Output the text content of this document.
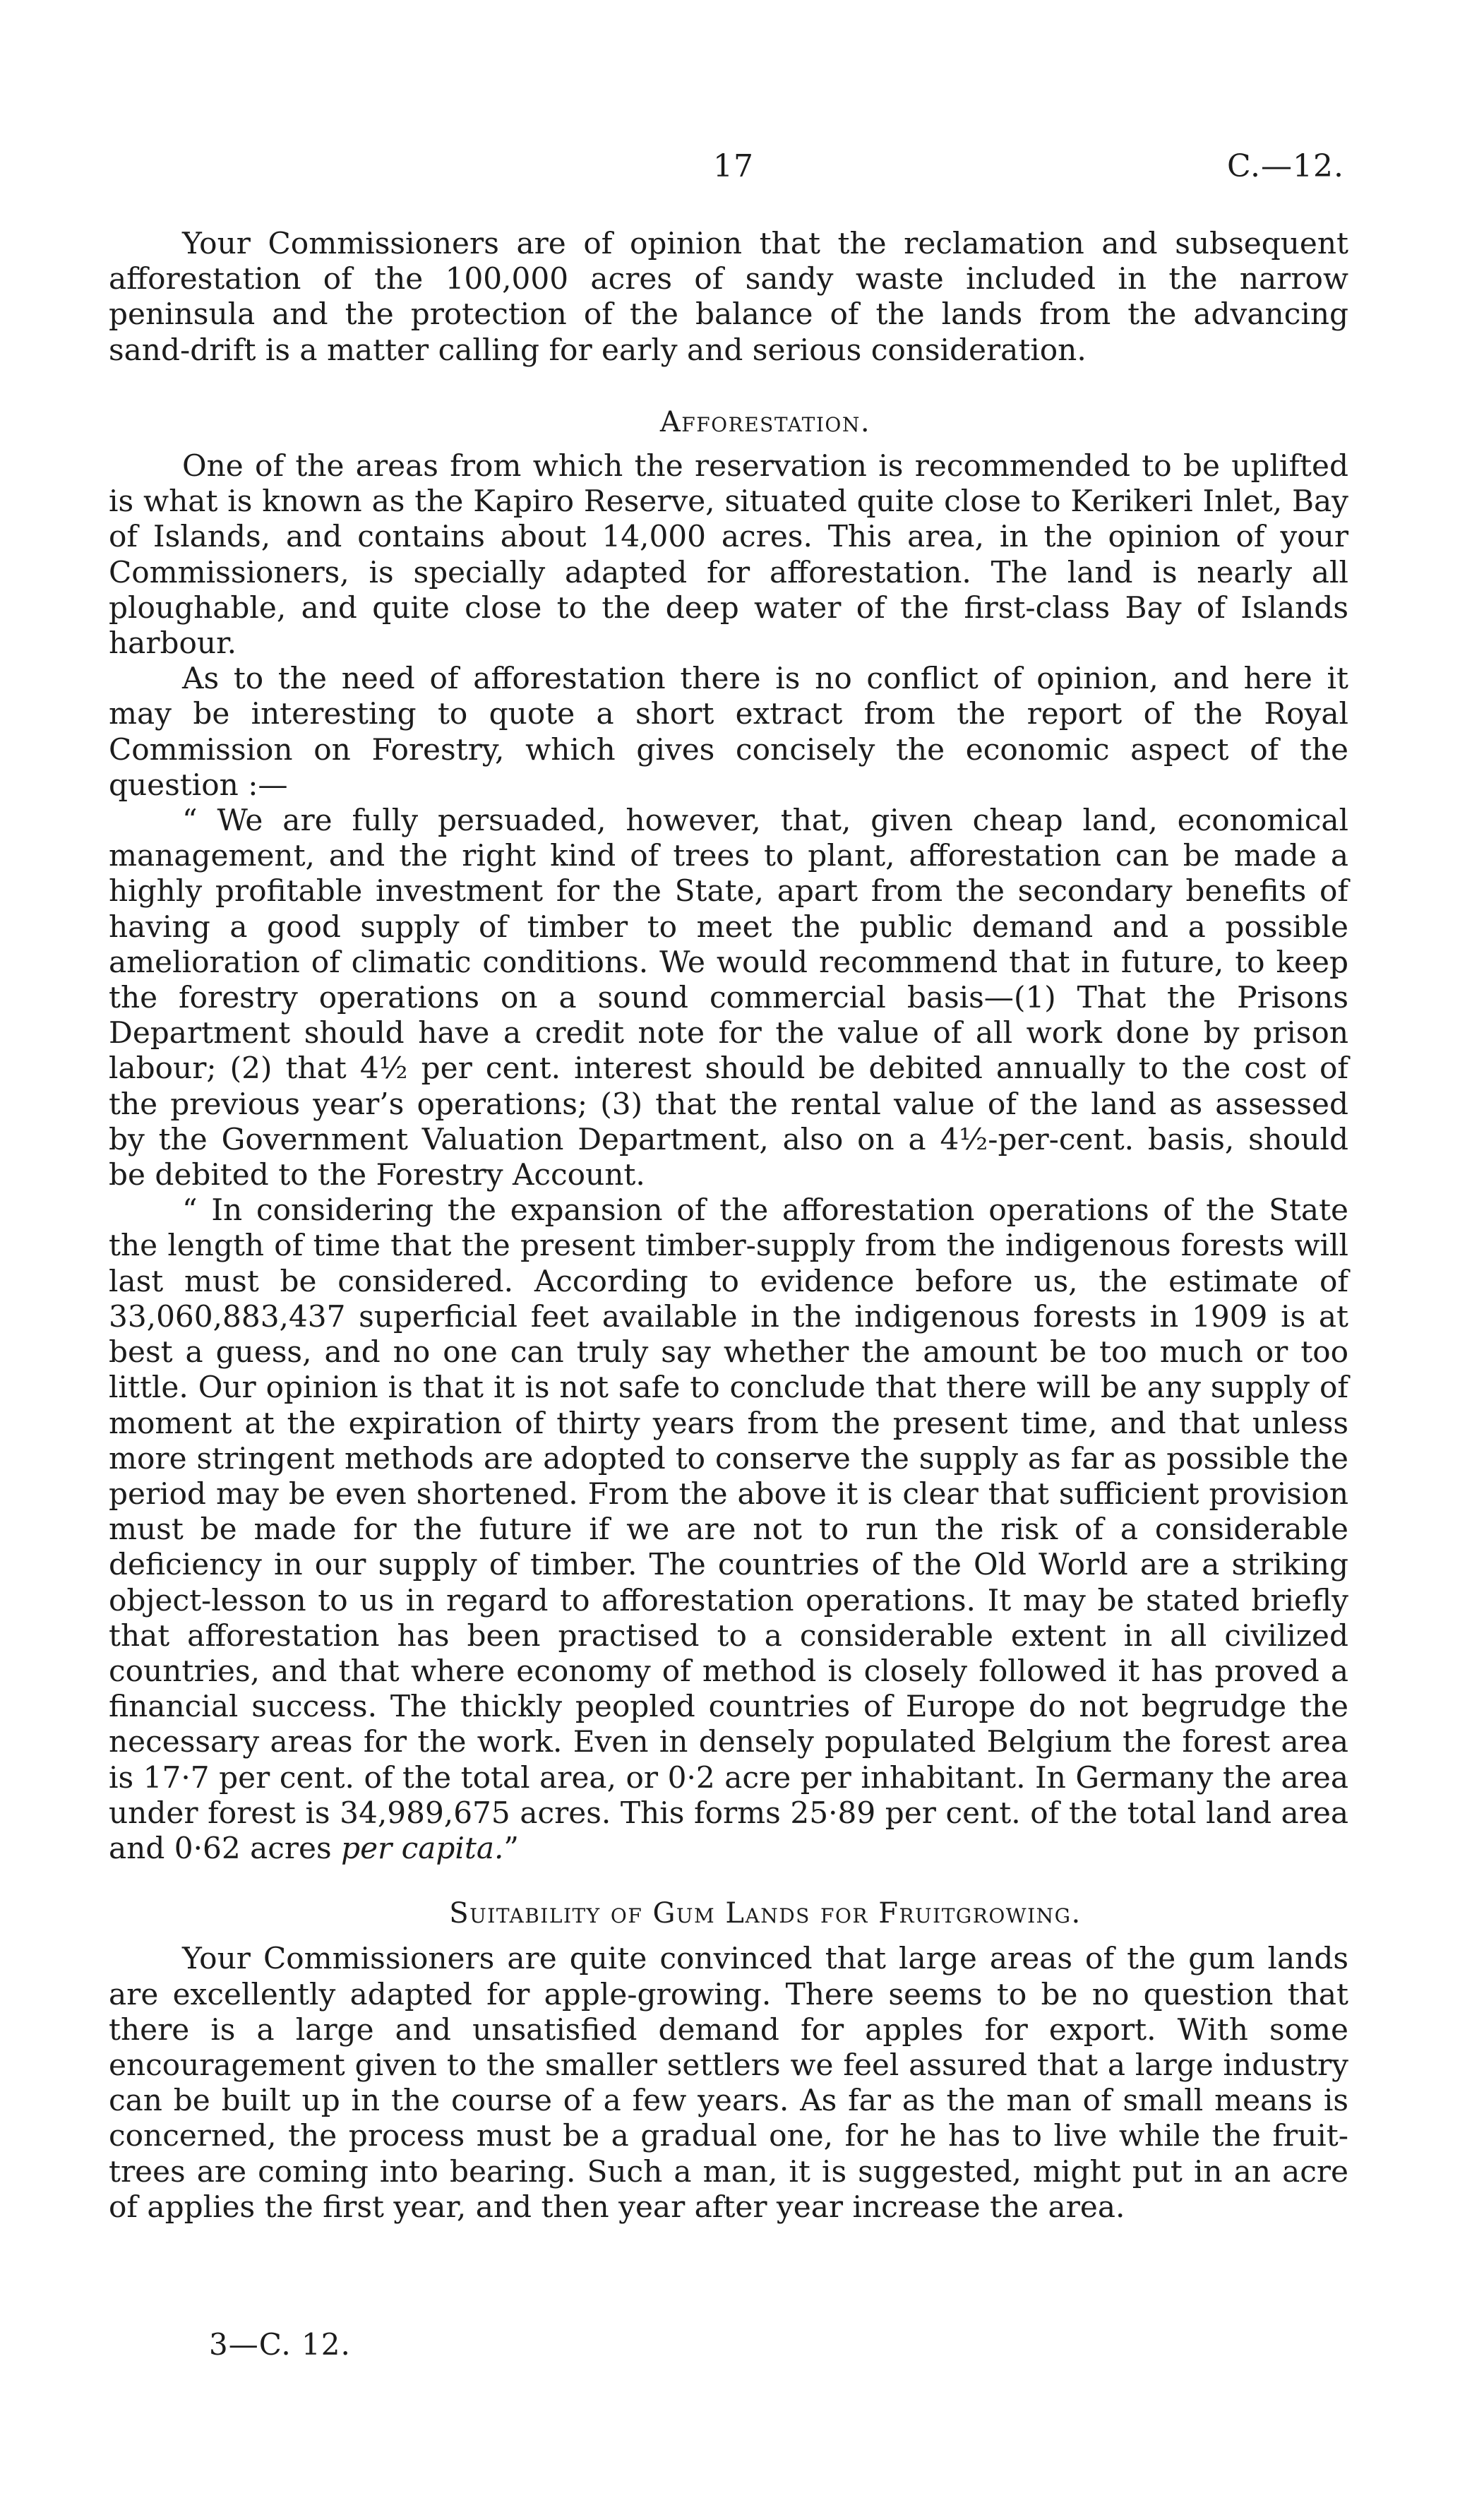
17	C.—12.

Your Commissioners are of opinion that the reclamation and subsequent afforestation of the 100,000 acres of sandy waste included in the narrow peninsula and the protection of the balance of the lands from the advancing sand-drift is a matter calling for early and serious consideration.

Afforestation.

One of the areas from which the reservation is recommended to be uplifted is what is known as the Kapiro Reserve, situated quite close to Kerikeri Inlet, Bay of Islands, and contains about 14,000 acres. This area, in the opinion of your Commissioners, is specially adapted for afforestation. The land is nearly all ploughable, and quite close to the deep water of the first-class Bay of Islands harbour.

As to the need of afforestation there is no conflict of opinion, and here it may be interesting to quote a short extract from the report of the Royal Commission on Forestry, which gives concisely the economic aspect of the question :—

“ We are fully persuaded, however, that, given cheap land, economical management, and the right kind of trees to plant, afforestation can be made a highly profitable investment for the State, apart from the secondary benefits of having a good supply of timber to meet the public demand and a possible amelioration of climatic conditions. We would recommend that in future, to keep the forestry operations on a sound commercial basis—(1) That the Prisons Department should have a credit note for the value of all work done by prison labour; (2) that 4½ per cent. interest should be debited annually to the cost of the previous year’s operations; (3) that the rental value of the land as assessed by the Government Valuation Department, also on a 4½-per-cent. basis, should be debited to the Forestry Account.

“ In considering the expansion of the afforestation operations of the State the length of time that the present timber-supply from the indigenous forests will last must be considered. According to evidence before us, the estimate of 33,060,883,437 superficial feet available in the indigenous forests in 1909 is at best a guess, and no one can truly say whether the amount be too much or too little. Our opinion is that it is not safe to conclude that there will be any supply of moment at the expiration of thirty years from the present time, and that unless more stringent methods are adopted to conserve the supply as far as possible the period may be even shortened. From the above it is clear that sufficient provision must be made for the future if we are not to run the risk of a considerable deficiency in our supply of timber. The countries of the Old World are a striking object-lesson to us in regard to afforestation operations. It may be stated briefly that afforestation has been practised to a considerable extent in all civilized countries, and that where economy of method is closely followed it has proved a financial success. The thickly peopled countries of Europe do not begrudge the necessary areas for the work. Even in densely populated Belgium the forest area is 17·7 per cent. of the total area, or 0·2 acre per inhabitant. In Germany the area under forest is 34,989,675 acres. This forms 25·89 per cent. of the total land area and 0·62 acres per capita.”

Suitability of Gum Lands for Fruitgrowing.

Your Commissioners are quite convinced that large areas of the gum lands are excellently adapted for apple-growing. There seems to be no question that there is a large and unsatisfied demand for apples for export. With some encouragement given to the smaller settlers we feel assured that a large industry can be built up in the course of a few years. As far as the man of small means is concerned, the process must be a gradual one, for he has to live while the fruit-trees are coming into bearing. Such a man, it is suggested, might put in an acre of applies the first year, and then year after year increase the area.

3—C. 12.
